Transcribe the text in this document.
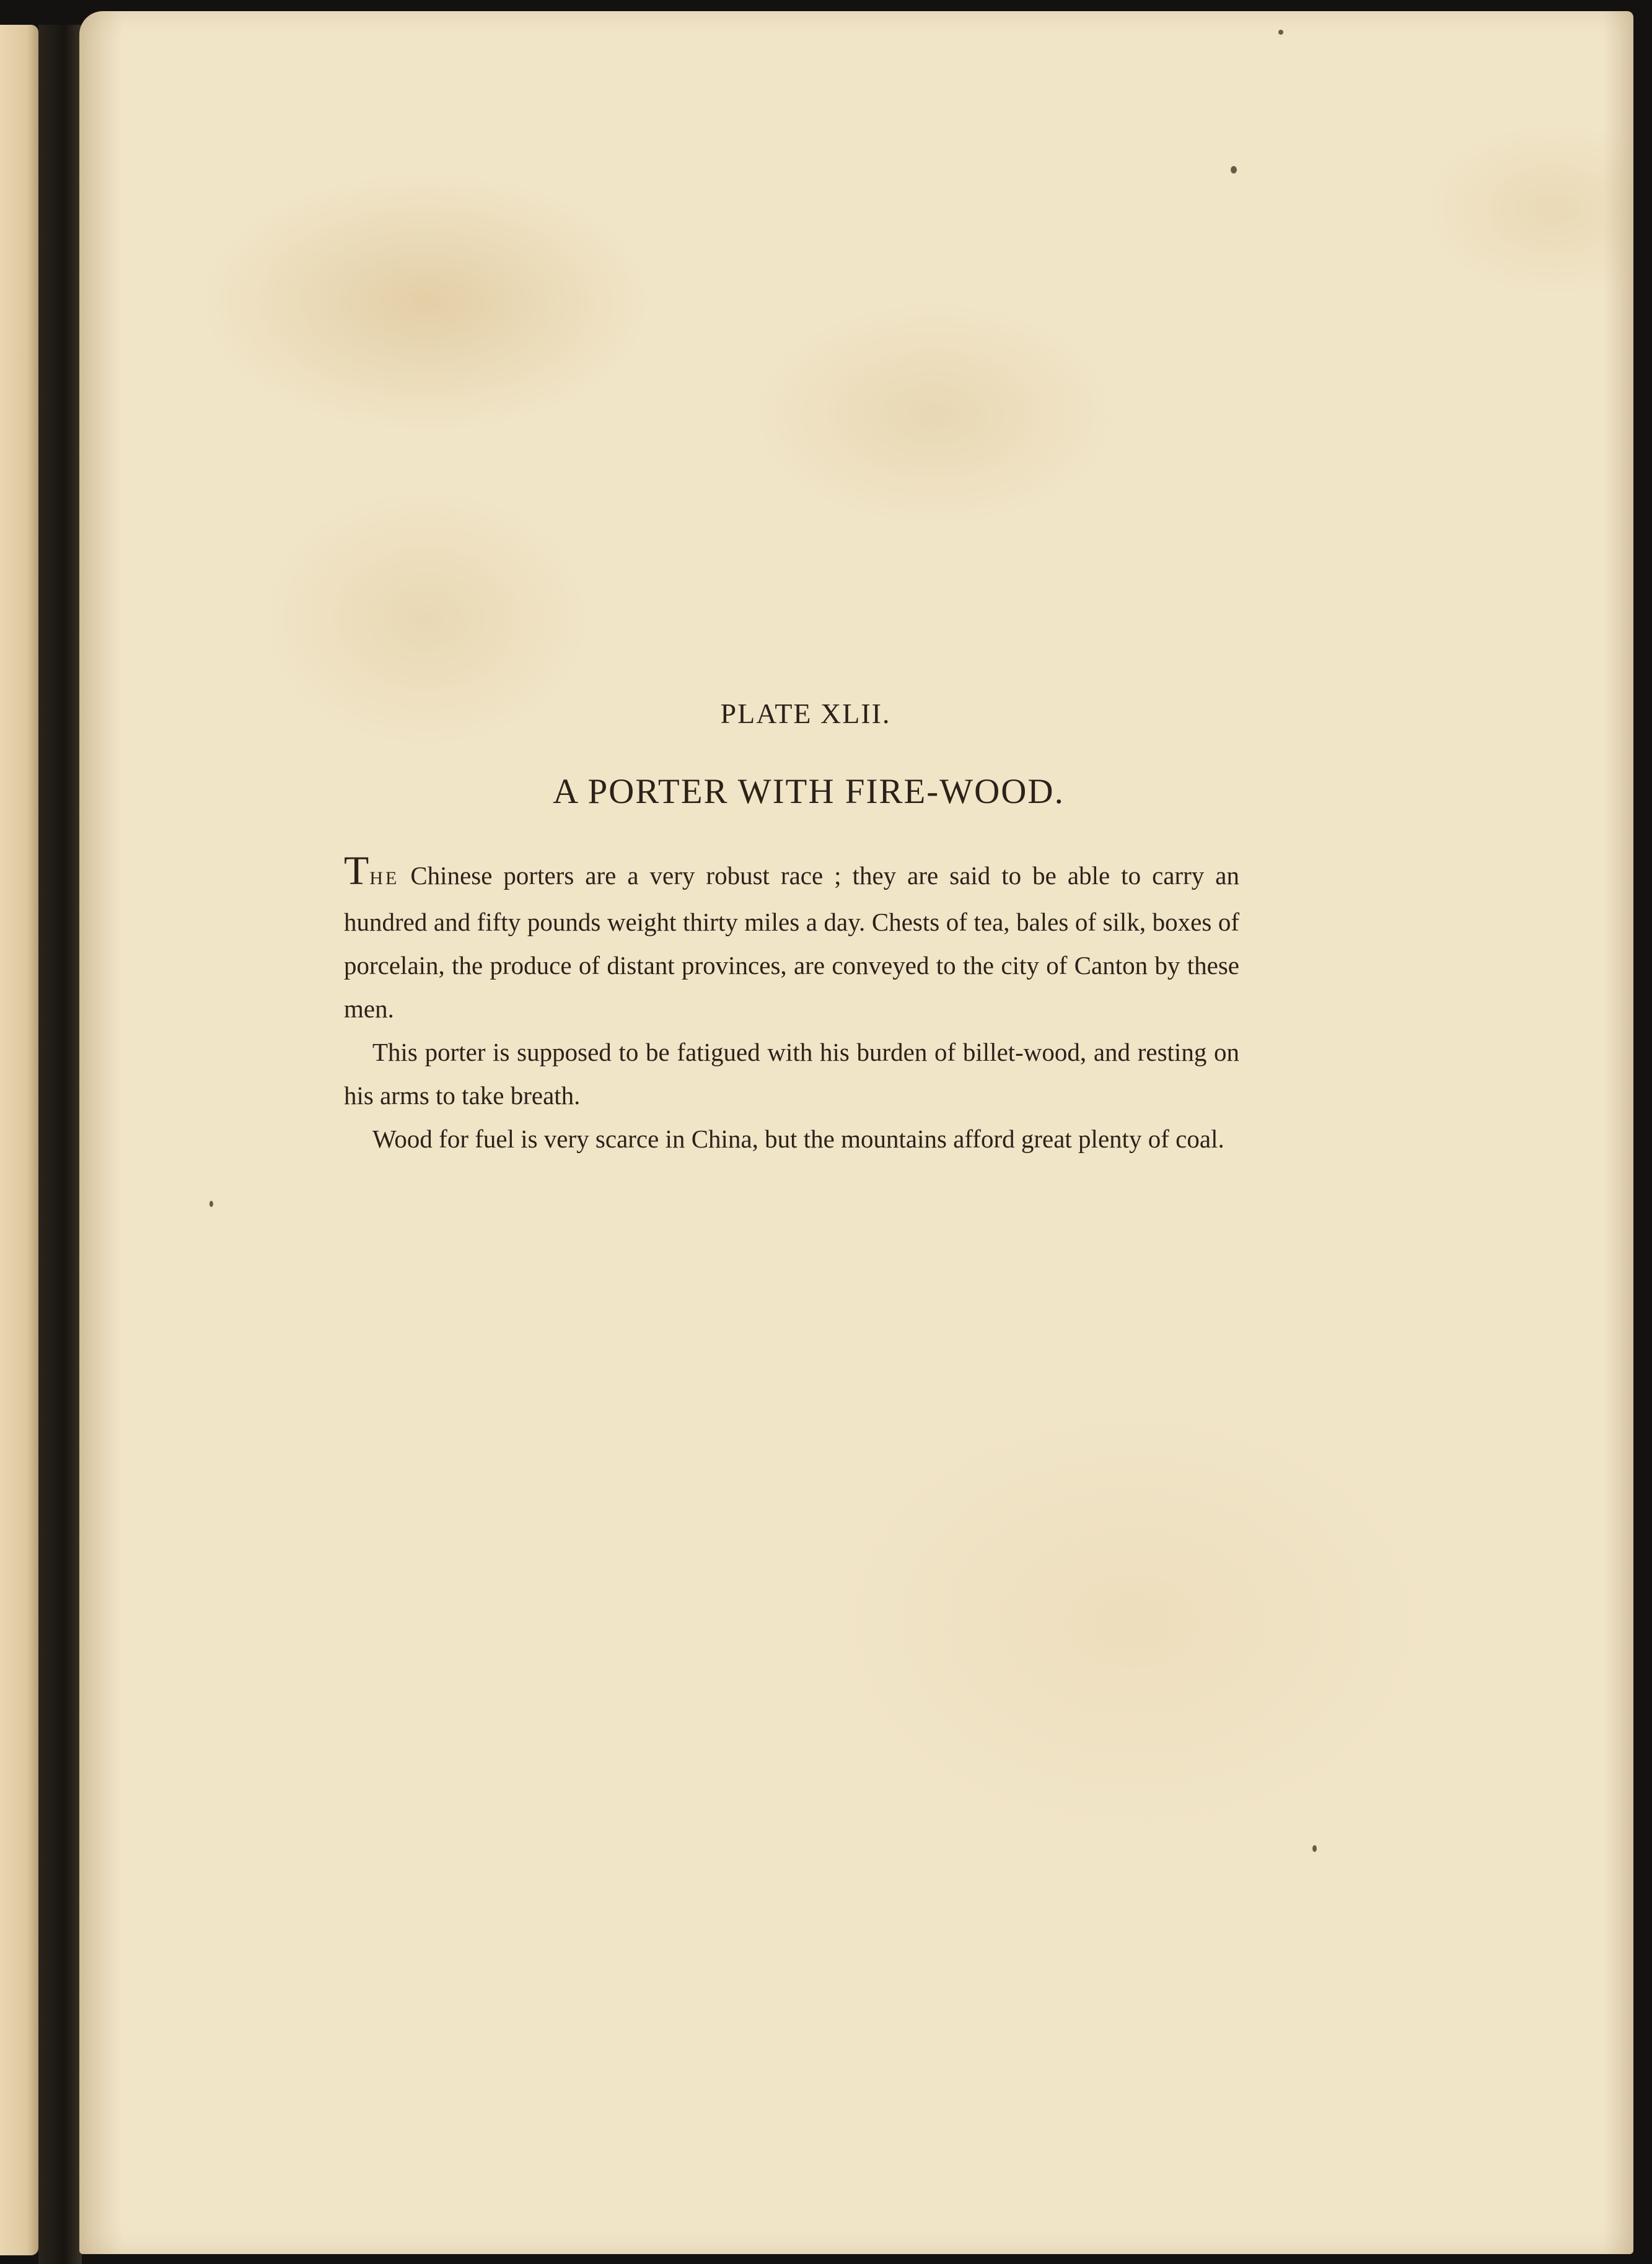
PLATE XLII.
A PORTER WITH FIRE-WOOD.

THE Chinese porters are a very robust race ; they are said to be able to carry an hundred and fifty pounds weight thirty miles a day. Chests of tea, bales of silk, boxes of porcelain, the produce of distant provinces, are conveyed to the city of Canton by these men.

This porter is supposed to be fatigued with his burden of billet-wood, and resting on his arms to take breath.

Wood for fuel is very scarce in China, but the mountains afford great plenty of coal.
